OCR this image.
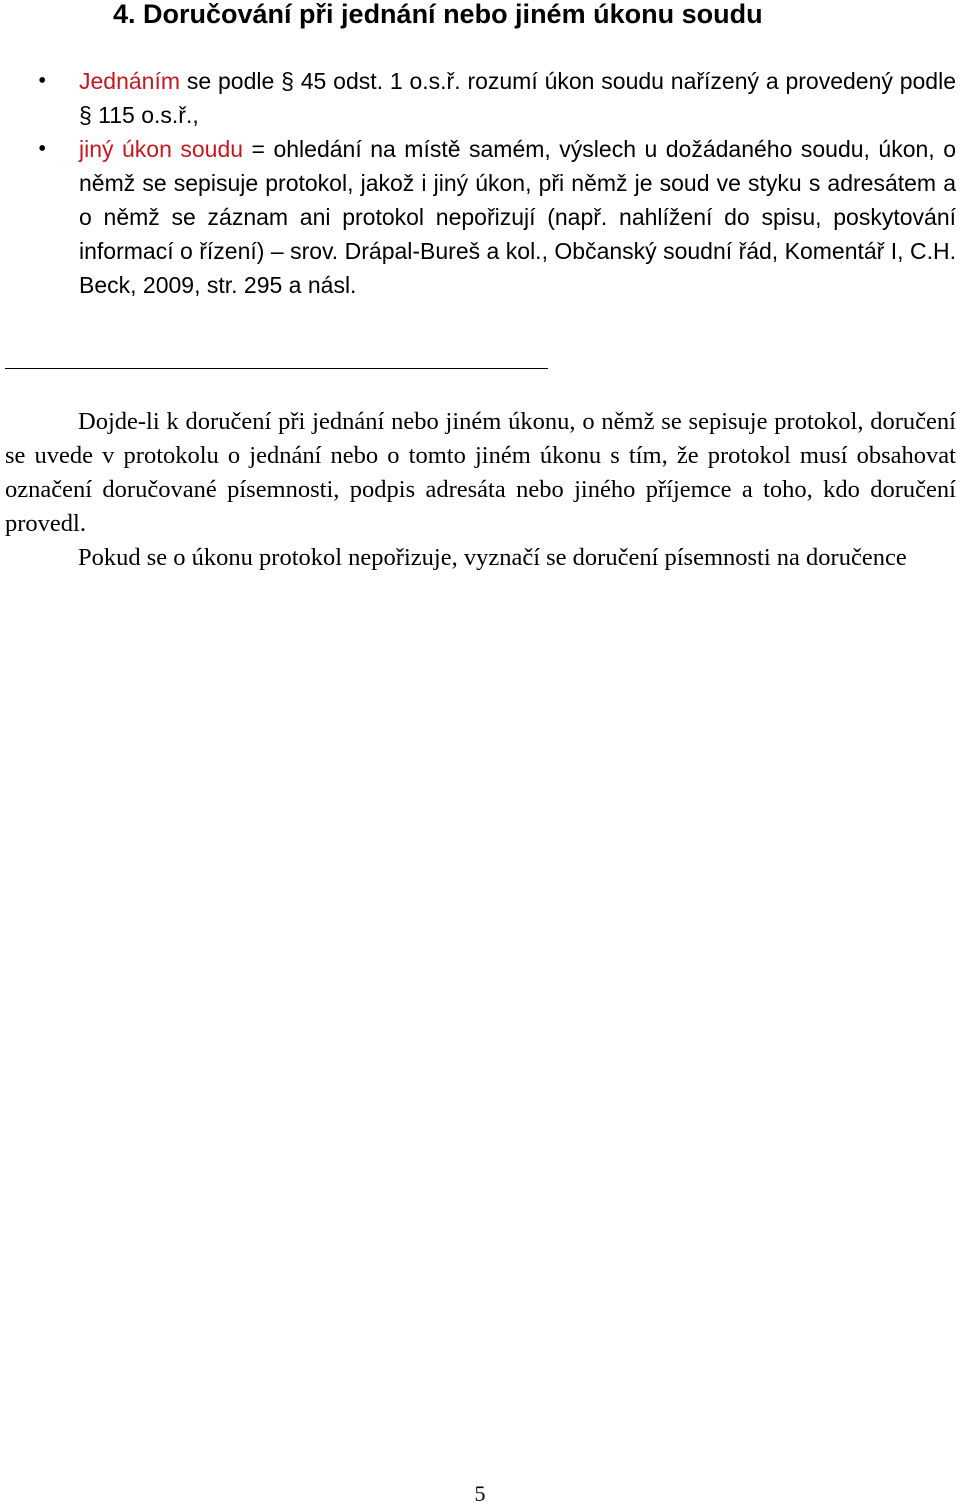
4. Doručování při jednání nebo jiném úkonu soudu
• Jednáním se podle § 45 odst. 1 o.s.ř. rozumí úkon soudu nařízený a provedený podle § 115 o.s.ř.,
• jiný úkon soudu = ohledání na místě samém, výslech u dožádaného soudu, úkon, o němž se sepisuje protokol, jakož i jiný úkon, při němž je soud ve styku s adresátem a o němž se záznam ani protokol nepořizují (např. nahlížení do spisu, poskytování informací o řízení) – srov. Drápal-Bureš a kol., Občanský soudní řád, Komentář I, C.H. Beck, 2009, str. 295 a násl.

Dojde-li k doručení při jednání nebo jiném úkonu, o němž se sepisuje protokol, doručení se uvede v protokolu o jednání nebo o tomto jiném úkonu s tím, že protokol musí obsahovat označení doručované písemnosti, podpis adresáta nebo jiného příjemce a toho, kdo doručení provedl.

Pokud se o úkonu protokol nepořizuje, vyznačí se doručení písemnosti na doručence

5
